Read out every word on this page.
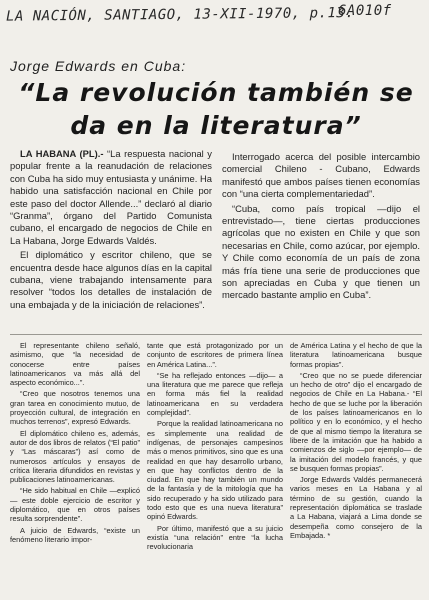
LA NACIÓN, SANTIAGO, 13-XII-1970, p.13.
6A010f
Jorge Edwards en Cuba:
“La revolución también se da en la literatura”

LA HABANA (PL).- “La respuesta nacional y popular frente a la reanudación de relaciones con Cuba ha sido muy entusiasta y unánime. Ha habido una satisfacción nacional en Chile por este paso del doctor Allende...” declaró al diario “Granma”, órgano del Partido Comunista cubano, el encargado de negocios de Chile en La Habana, Jorge Edwards Valdés.

El diplomático y escritor chileno, que se encuentra desde hace algunos días en la capital cubana, viene trabajando intensamente para resolver “todos los detalles de instalación de una embajada y de la iniciación de relaciones”.

Interrogado acerca del posible intercambio comercial Chileno - Cubano, Edwards manifestó que ambos países tienen economías con “una cierta complementariedad”.

“Cuba, como país tropical —dijo el entrevistado—, tiene ciertas producciones agrícolas que no existen en Chile y que son necesarias en Chile, como azúcar, por ejemplo. Y Chile como economía de un país de zona más fría tiene una serie de producciones que son apreciadas en Cuba y que tienen un mercado bastante amplio en Cuba”.

El representante chileno señaló, asimismo, que “la necesidad de conocerse entre países latinoamericanos va más allá del aspecto económico...”.

“Creo que nosotros tenemos una gran tarea en conocimiento mutuo, de proyección cultural, de integración en muchos terrenos”, expresó Edwards.

El diplomático chileno es, además, autor de dos libros de relatos (“El patio” y “Las máscaras”) así como de numerosos artículos y ensayos de crítica literaria difundidos en revistas y publicaciones latinoamericanas.

“He sido habitual en Chile —explicó— este doble ejercicio de escritor y diplomático, que en otros países resulta sorprendente”.

A juicio de Edwards, “existe un fenómeno literario impor-

tante que está protagonizado por un conjunto de escritores de primera línea en América Latina...”.

“Se ha reflejado entonces —dijo— a una literatura que me parece que refleja en forma más fiel la realidad latinoamericana en su verdadera complejidad”.

Porque la realidad latinoamericana no es simplemente una realidad de indígenas, de personajes campesinos más o menos primitivos, sino que es una realidad en que hay desarrollo urbano, en que hay conflictos dentro de la ciudad. En que hay también un mundo de la fantasía y de la mitología que ha sido recuperado y ha sido utilizado para todo esto que es una nueva literatura” opinó Edwards.

Por último, manifestó que a su juicio existía “una relación” entre “la lucha revolucionaria

de América Latina y el hecho de que la literatura latinoamericana busque formas propias”.

“Creo que no se puede diferenciar un hecho de otro” dijo el encargado de negocios de Chile en La Habana.- “El hecho de que se luche por la liberación de los países latinoamericanos en lo político y en lo económico, y el hecho de que al mismo tiempo la literatura se libere de la imitación que ha habido a comienzos de siglo —por ejemplo— de la imitación del modelo francés, y que se busquen formas propias”.

Jorge Edwards Valdés permanecerá varios meses en La Habana y al término de su gestión, cuando la representación diplomática se traslade a La Habana, viajará a Lima donde se desempeña como consejero de la Embajada. *
